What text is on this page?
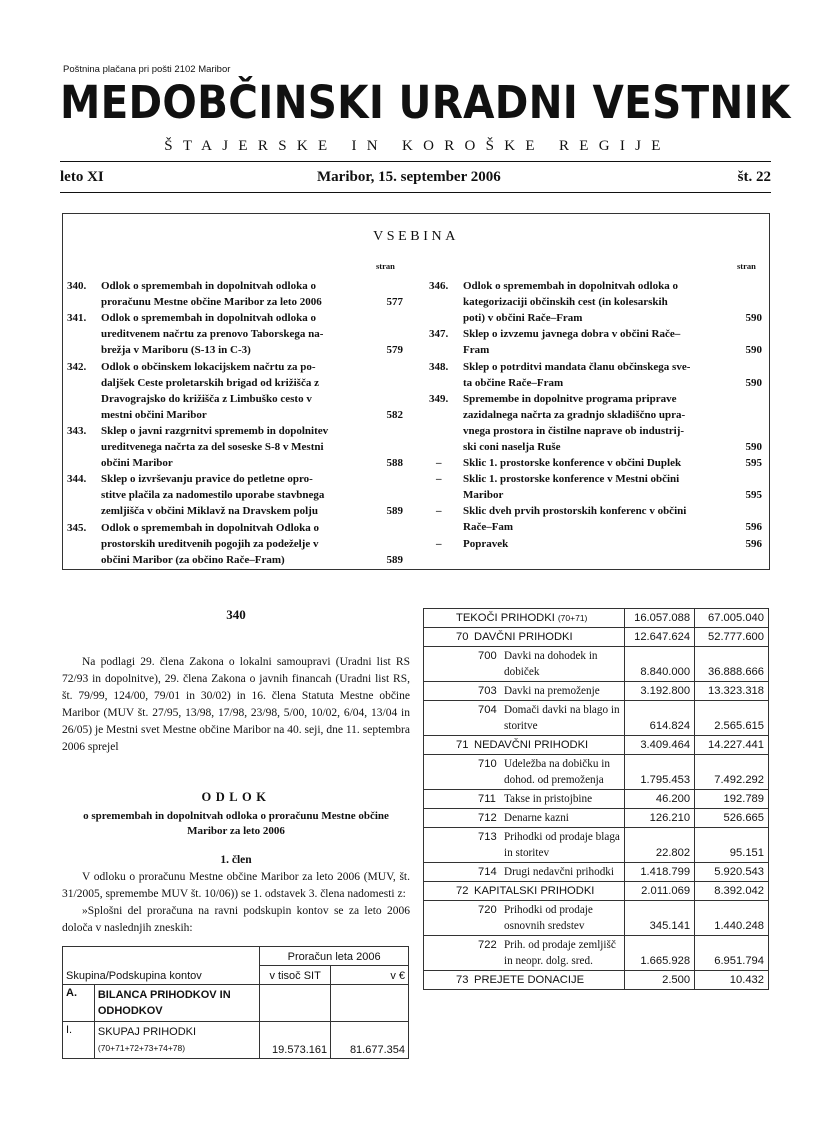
Poštnina plačana pri pošti 2102 Maribor
MEDOBČINSKI URADNI VESTNIK
ŠTAJERSKE IN KOROŠKE REGIJE
leto XI	Maribor, 15. september 2006	št. 22
VSEBINA
stran	stran
340. Odlok o spremembah in dopolnitvah odloka o
proračunu Mestne občine Maribor za leto 2006	577
341. Odlok o spremembah in dopolnitvah odloka o
ureditvenem načrtu za prenovo Taborskega na-
brežja v Mariboru (S-13 in C-3)	579
342. Odlok o občinskem lokacijskem načrtu za po-
daljšek Ceste proletarskih brigad od križišča z
Dravograjsko do križišča z Limbuško cesto v
mestni občini Maribor	582
343. Sklep o javni razgrnitvi sprememb in dopolnitev
ureditvenega načrta za del soseske S-8 v Mestni
občini Maribor	588
344. Sklep o izvrševanju pravice do petletne opro-
stitve plačila za nadomestilo uporabe stavbnega
zemljišča v občini Miklavž na Dravskem polju	589
345. Odlok o spremembah in dopolnitvah Odloka o
prostorskih ureditvenih pogojih za podeželje v
občini Maribor (za občino Rače–Fram)	589
346. Odlok o spremembah in dopolnitvah odloka o
kategorizaciji občinskih cest (in kolesarskih
poti) v občini Rače–Fram	590
347. Sklep o izvzemu javnega dobra v občini Rače–
Fram	590
348. Sklep o potrditvi mandata članu občinskega sve-
ta občine Rače–Fram	590
349. Spremembe in dopolnitve programa priprave
zazidalnega načrta za gradnjo skladiščno upra-
vnega prostora in čistilne naprave ob industrij-
ski coni naselja Ruše	590
– Sklic 1. prostorske konference v občini Duplek	595
– Sklic 1. prostorske konference v Mestni občini
Maribor	595
– Sklic dveh prvih prostorskih konferenc v občini
Rače–Fam	596
– Popravek	596
340
Na podlagi 29. člena Zakona o lokalni samoupravi (Uradni list RS 72/93 in dopolnitve), 29. člena Zakona o javnih financah (Uradni list RS, št. 79/99, 124/00, 79/01 in 30/02) in 16. člena Statuta Mestne občine Maribor (MUV št. 27/95, 13/98, 17/98, 23/98, 5/00, 10/02, 6/04, 13/04 in 26/05) je Mestni svet Mestne občine Maribor na 40. seji, dne 11. septembra 2006 sprejel
ODLOK
o spremembah in dopolnitvah odloka o proračunu Mestne občine Maribor za leto 2006
1. člen

V odloku o proračunu Mestne občine Maribor za leto 2006 (MUV, št. 31/2005, spremembe MUV št. 10/06)) se 1. odstavek 3. člena nadomesti z:

»Splošni del proračuna na ravni podskupin kontov se za leto 2006 določa v naslednjih zneskih:

Skupina/Podskupina kontov		Proračun leta 2006	
		v tisoč SIT	v €
A.	BILANCA PRIHODKOV IN ODHODKOV		
I.	SKUPAJ PRIHODKI
(70+71+72+73+74+78)	19.573.161	81.677.354
TEKOČI PRIHODKI (70+71)	16.057.088	67.005.040

70 DAVČNI PRIHODKI	12.647.624	52.777.600

700 Davki na dohodek in dobiček	8.840.000	36.888.666

703 Davki na premoženje	3.192.800	13.323.318

704 Domači davki na blago in storitve	614.824	2.565.615

71 NEDAVČNI PRIHODKI	3.409.464	14.227.441

710 Udeležba na dobičku in dohod. od premoženja	1.795.453	7.492.292

711 Takse in pristojbine	46.200	192.789

712 Denarne kazni	126.210	526.665

713 Prihodki od prodaje blaga in storitev	22.802	95.151

714 Drugi nedavčni prihodki	1.418.799	5.920.543

72 KAPITALSKI PRIHODKI	2.011.069	8.392.042

720 Prihodki od prodaje osnovnih sredstev	345.141	1.440.248

722 Prih. od prodaje zemljišč in neopr. dolg. sred.	1.665.928	6.951.794

73 PREJETE DONACIJE	2.500	10.432
